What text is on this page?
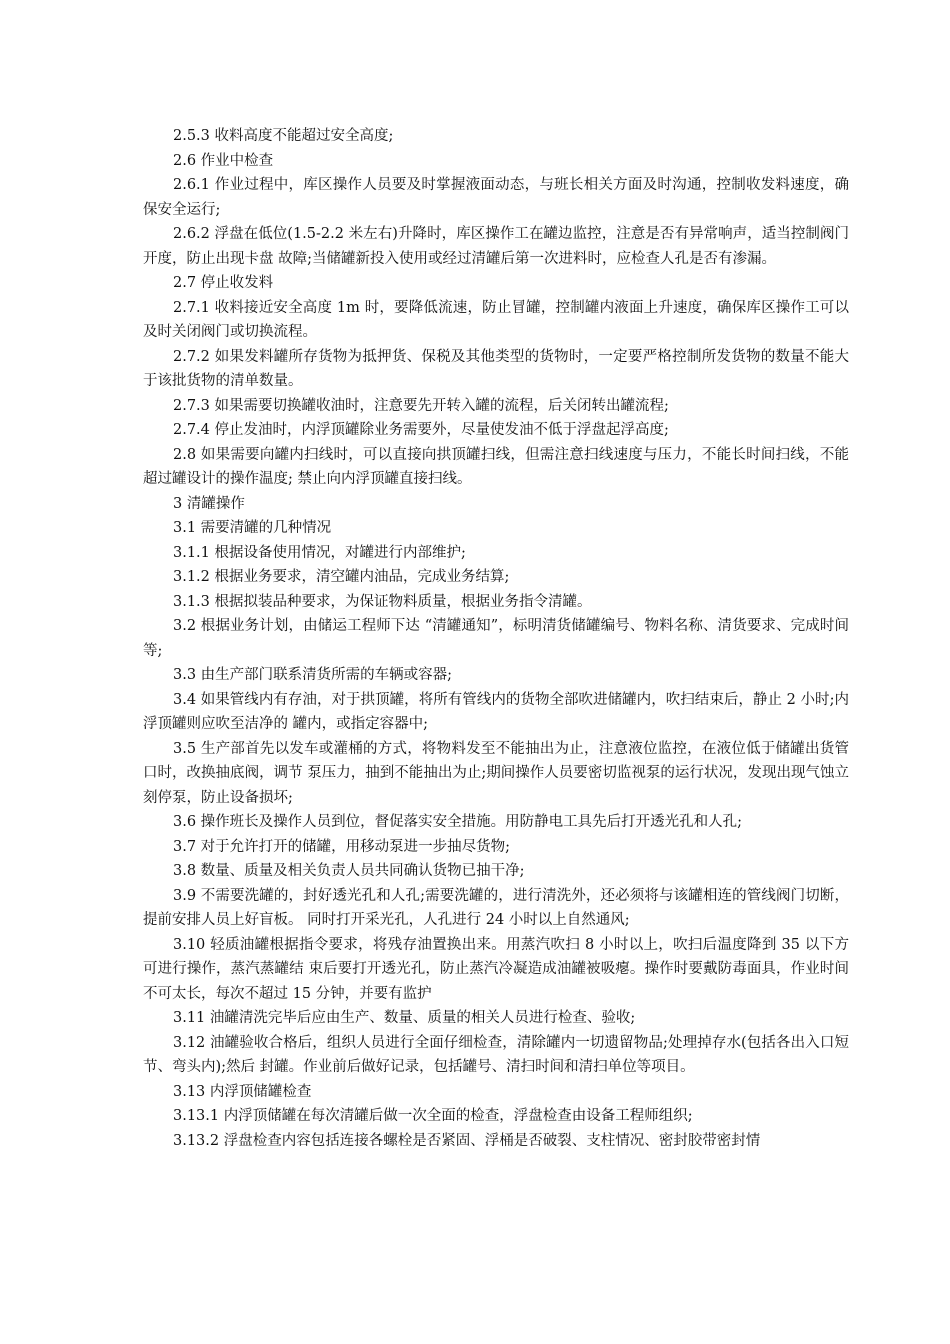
2.5.3 收料高度不能超过安全高度;

2.6 作业中检查

2.6.1 作业过程中，库区操作人员要及时掌握液面动态，与班长相关方面及时沟通，控制收发料速度，确保安全运行;

2.6.2 浮盘在低位(1.5-2.2 米左右)升降时，库区操作工在罐边监控，注意是否有异常响声，适当控制阀门开度，防止出现卡盘 故障;当储罐新投入使用或经过清罐后第一次进料时，应检查人孔是否有渗漏。

2.7 停止收发料

2.7.1 收料接近安全高度 1m 时，要降低流速，防止冒罐，控制罐内液面上升速度，确保库区操作工可以及时关闭阀门或切换流程。

2.7.2 如果发料罐所存货物为抵押货、保税及其他类型的货物时，一定要严格控制所发货物的数量不能大于该批货物的清单数量。

2.7.3 如果需要切换罐收油时，注意要先开转入罐的流程，后关闭转出罐流程;

2.7.4 停止发油时，内浮顶罐除业务需要外，尽量使发油不低于浮盘起浮高度;

2.8 如果需要向罐内扫线时，可以直接向拱顶罐扫线，但需注意扫线速度与压力，不能长时间扫线，不能超过罐设计的操作温度; 禁止向内浮顶罐直接扫线。

3 清罐操作

3.1 需要清罐的几种情况

3.1.1 根据设备使用情况，对罐进行内部维护;

3.1.2 根据业务要求，清空罐内油品，完成业务结算;

3.1.3 根据拟装品种要求，为保证物料质量，根据业务指令清罐。

3.2 根据业务计划，由储运工程师下达 “清罐通知”，标明清货储罐编号、物料名称、清货要求、完成时间等;

3.3 由生产部门联系清货所需的车辆或容器;

3.4 如果管线内有存油，对于拱顶罐，将所有管线内的货物全部吹进储罐内，吹扫结束后，静止 2 小时;内浮顶罐则应吹至洁净的 罐内，或指定容器中;

3.5 生产部首先以发车或灌桶的方式，将物料发至不能抽出为止，注意液位监控，在液位低于储罐出货管口时，改换抽底阀，调节 泵压力，抽到不能抽出为止;期间操作人员要密切监视泵的运行状况，发现出现气蚀立刻停泵，防止设备损坏;

3.6 操作班长及操作人员到位，督促落实安全措施。用防静电工具先后打开透光孔和人孔;

3.7 对于允许打开的储罐，用移动泵进一步抽尽货物;

3.8 数量、质量及相关负责人员共同确认货物已抽干净;

3.9 不需要洗罐的，封好透光孔和人孔;需要洗罐的，进行清洗外，还必须将与该罐相连的管线阀门切断，提前安排人员上好盲板。 同时打开采光孔，人孔进行 24 小时以上自然通风;

3.10 轻质油罐根据指令要求，将残存油置换出来。用蒸汽吹扫 8 小时以上，吹扫后温度降到 35 以下方可进行操作，蒸汽蒸罐结 束后要打开透光孔，防止蒸汽冷凝造成油罐被吸瘪。操作时要戴防毒面具，作业时间不可太长，每次不超过 15 分钟，并要有监护

3.11 油罐清洗完毕后应由生产、数量、质量的相关人员进行检查、验收;

3.12 油罐验收合格后，组织人员进行全面仔细检查，清除罐内一切遗留物品;处理掉存水(包括各出入口短节、弯头内);然后 封罐。作业前后做好记录，包括罐号、清扫时间和清扫单位等项目。

3.13 内浮顶储罐检查

3.13.1 内浮顶储罐在每次清罐后做一次全面的检查，浮盘检查由设备工程师组织;

3.13.2 浮盘检查内容包括连接各螺栓是否紧固、浮桶是否破裂、支柱情况、密封胶带密封情
